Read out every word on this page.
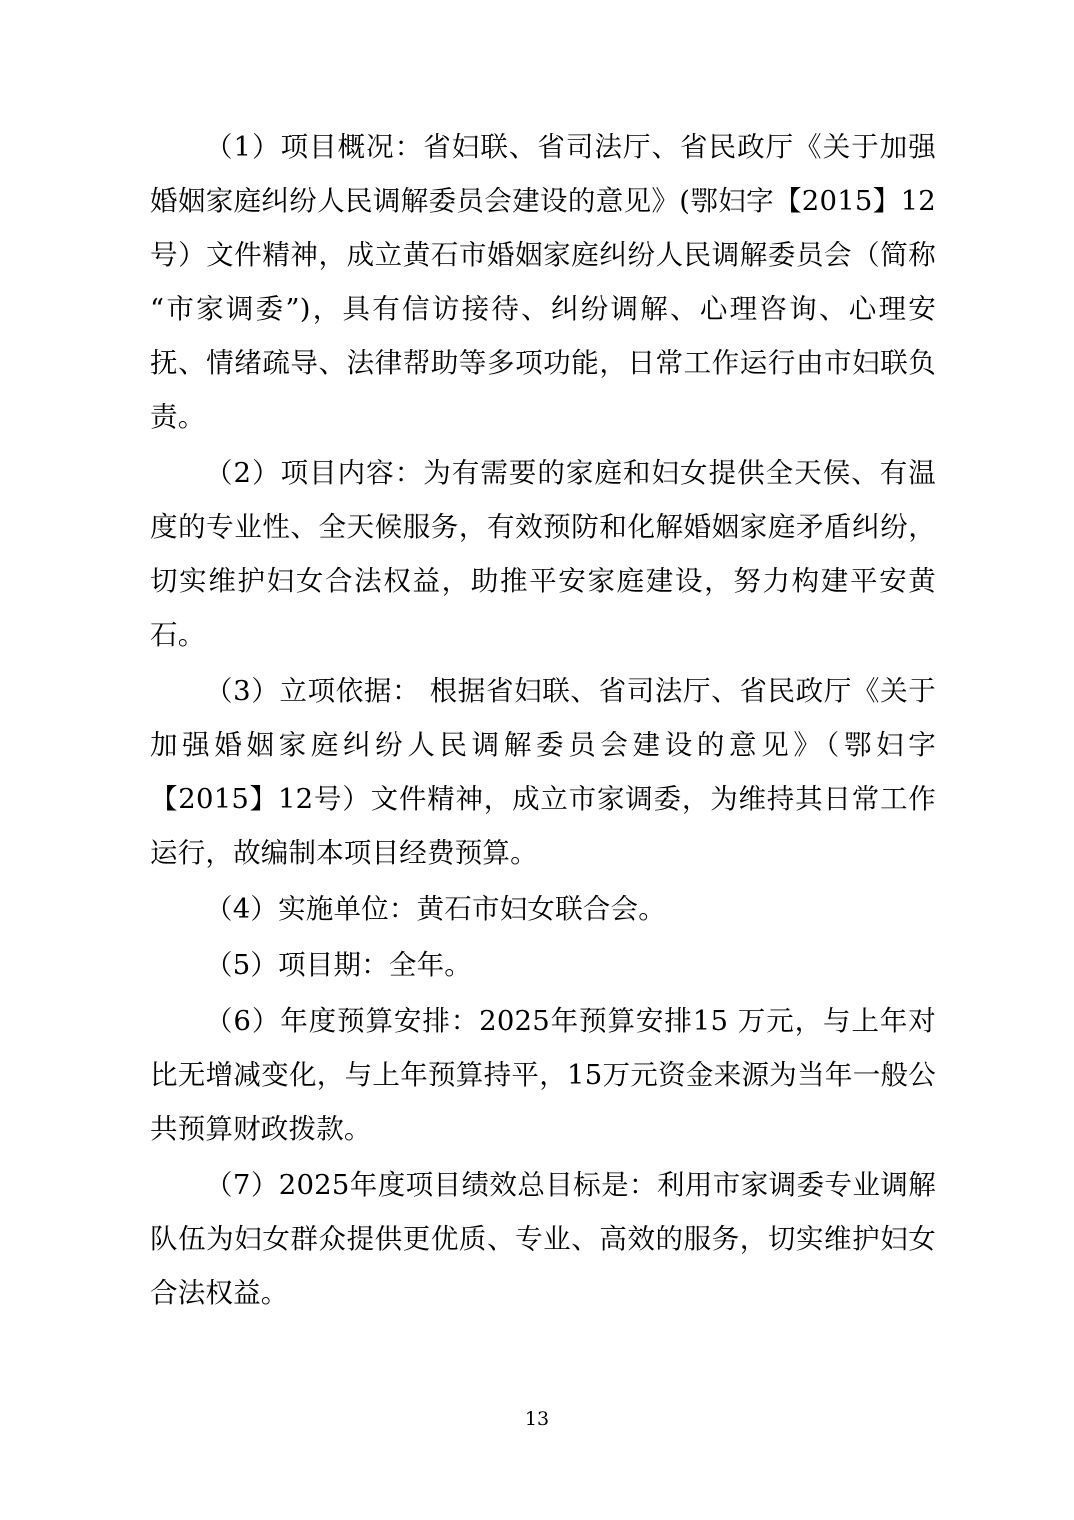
（1）项目概况：省妇联、省司法厅、省民政厅《关于加强婚姻家庭纠纷人民调解委员会建设的意见》(鄂妇字【2015】12号）文件精神，成立黄石市婚姻家庭纠纷人民调解委员会（简称“市家调委”)，具有信访接待、纠纷调解、心理咨询、心理安抚、情绪疏导、法律帮助等多项功能，日常工作运行由市妇联负责。

（2）项目内容：为有需要的家庭和妇女提供全天侯、有温度的专业性、全天候服务，有效预防和化解婚姻家庭矛盾纠纷，切实维护妇女合法权益，助推平安家庭建设，努力构建平安黄石。

（3）立项依据： 根据省妇联、省司法厅、省民政厅《关于加强婚姻家庭纠纷人民调解委员会建设的意见》（鄂妇字【2015】12号）文件精神，成立市家调委，为维持其日常工作运行，故编制本项目经费预算。

（4）实施单位：黄石市妇女联合会。

（5）项目期：全年。

（6）年度预算安排：2025年预算安排15 万元，与上年对比无增减变化，与上年预算持平，15万元资金来源为当年一般公共预算财政拨款。

（7）2025年度项目绩效总目标是：利用市家调委专业调解队伍为妇女群众提供更优质、专业、高效的服务，切实维护妇女合法权益。

13
